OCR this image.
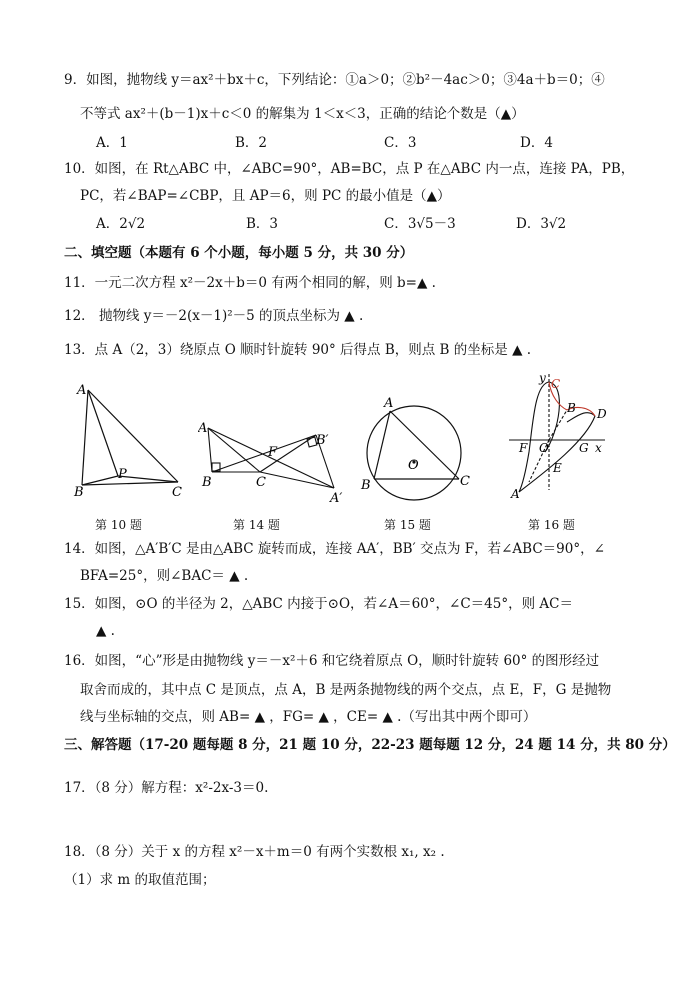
9．如图，抛物线 y＝ax²＋bx＋c，下列结论：①a＞0；②b²－4ac＞0；③4a＋b＝0；④
不等式 ax²＋(b－1)x＋c＜0 的解集为 1＜x＜3，正确的结论个数是（▲）
A．1	B．2	C．3	D．4
10．如图，在 Rt△ABC 中，∠ABC=90°，AB=BC，点 P 在△ABC 内一点，连接 PA，PB，
PC，若∠BAP=∠CBP，且 AP＝6，则 PC 的最小值是（▲）
A．2√2	B．3	C．3√5－3	D．3√2
二、填空题（本题有 6 个小题，每小题 5 分，共 30 分）
11．一元二次方程 x²－2x＋b＝0 有两个相同的解，则 b=▲ .
12． 抛物线 y＝－2(x－1)²－5 的顶点坐标为 ▲ .
13．点 A（2，3）绕原点 O 顺时针旋转 90° 后得点 B，则点 B 的坐标是 ▲ .
A
B	C
P
第 10 题
A
B	C
F
B′
A′
第 14 题
A
B	C
O
第 15 题
y C
B D
F O	G x
E
A
第 16 题
14．如图，△A′B′C 是由△ABC 旋转而成，连接 AA′，BB′ 交点为 F，若∠ABC＝90°，∠
BFA=25°，则∠BAC＝ ▲ .
15．如图，⊙O 的半径为 2，△ABC 内接于⊙O，若∠A＝60°，∠C＝45°，则 AC＝
▲ .
16．如图，“心”形是由抛物线 y＝－x²＋6 和它绕着原点 O，顺时针旋转 60° 的图形经过
取舍而成的，其中点 C 是顶点，点 A，B 是两条抛物线的两个交点，点 E，F，G 是抛物
线与坐标轴的交点，则 AB= ▲ ，FG= ▲ ，CE= ▲ .（写出其中两个即可）
三、解答题（17-20 题每题 8 分，21 题 10 分，22-23 题每题 12 分，24 题 14 分，共 80 分）
17．（8 分）解方程：x²-2x-3＝0.
18．（8 分）关于 x 的方程 x²－x＋m＝0 有两个实数根 x₁, x₂ .
（1）求 m 的取值范围；
